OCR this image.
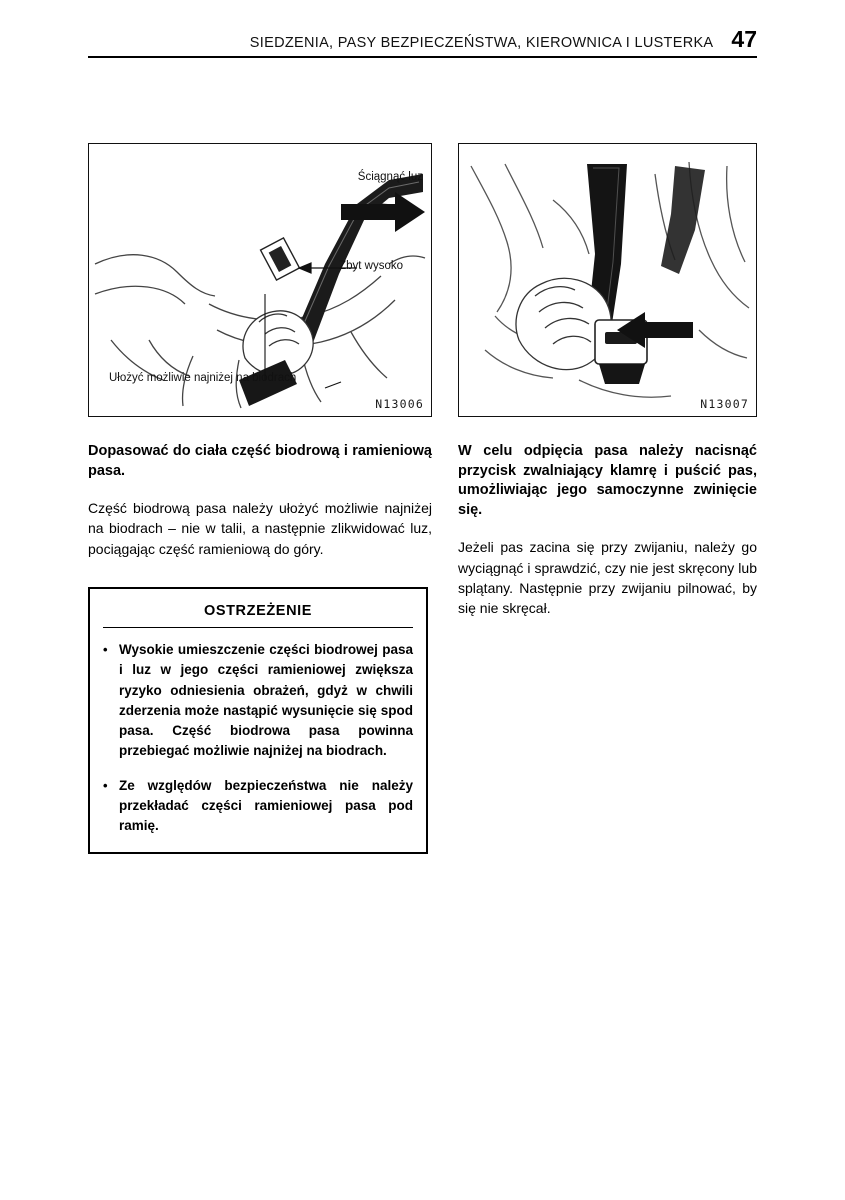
SIEDZENIA, PASY BEZPIECZEŃSTWA, KIEROWNICA I LUSTERKA 47
Ściągnąć luz
Zbyt wysoko
Ułożyć możliwie najniżej na biodrach
N13006
Dopasować do ciała część biodrową i ramieniową pasa.
Część biodrową pasa należy ułożyć możliwie najniżej na biodrach – nie w talii, a następnie zlikwidować luz, pociągając część ramieniową do góry.
OSTRZEŻENIE
• Wysokie umieszczenie części biodrowej pasa i luz w jego części ramieniowej zwiększa ryzyko odniesienia obrażeń, gdyż w chwili zderzenia może nastąpić wysunięcie się spod pasa. Część biodrowa pasa powinna przebiegać możliwie najniżej na biodrach.
• Ze względów bezpieczeństwa nie należy przekładać części ramieniowej pasa pod ramię.
N13007
W celu odpięcia pasa należy nacisnąć przycisk zwalniający klamrę i puścić pas, umożliwiając jego samoczynne zwinięcie się.
Jeżeli pas zacina się przy zwijaniu, należy go wyciągnąć i sprawdzić, czy nie jest skręcony lub splątany. Następnie przy zwijaniu pilnować, by się nie skręcał.
